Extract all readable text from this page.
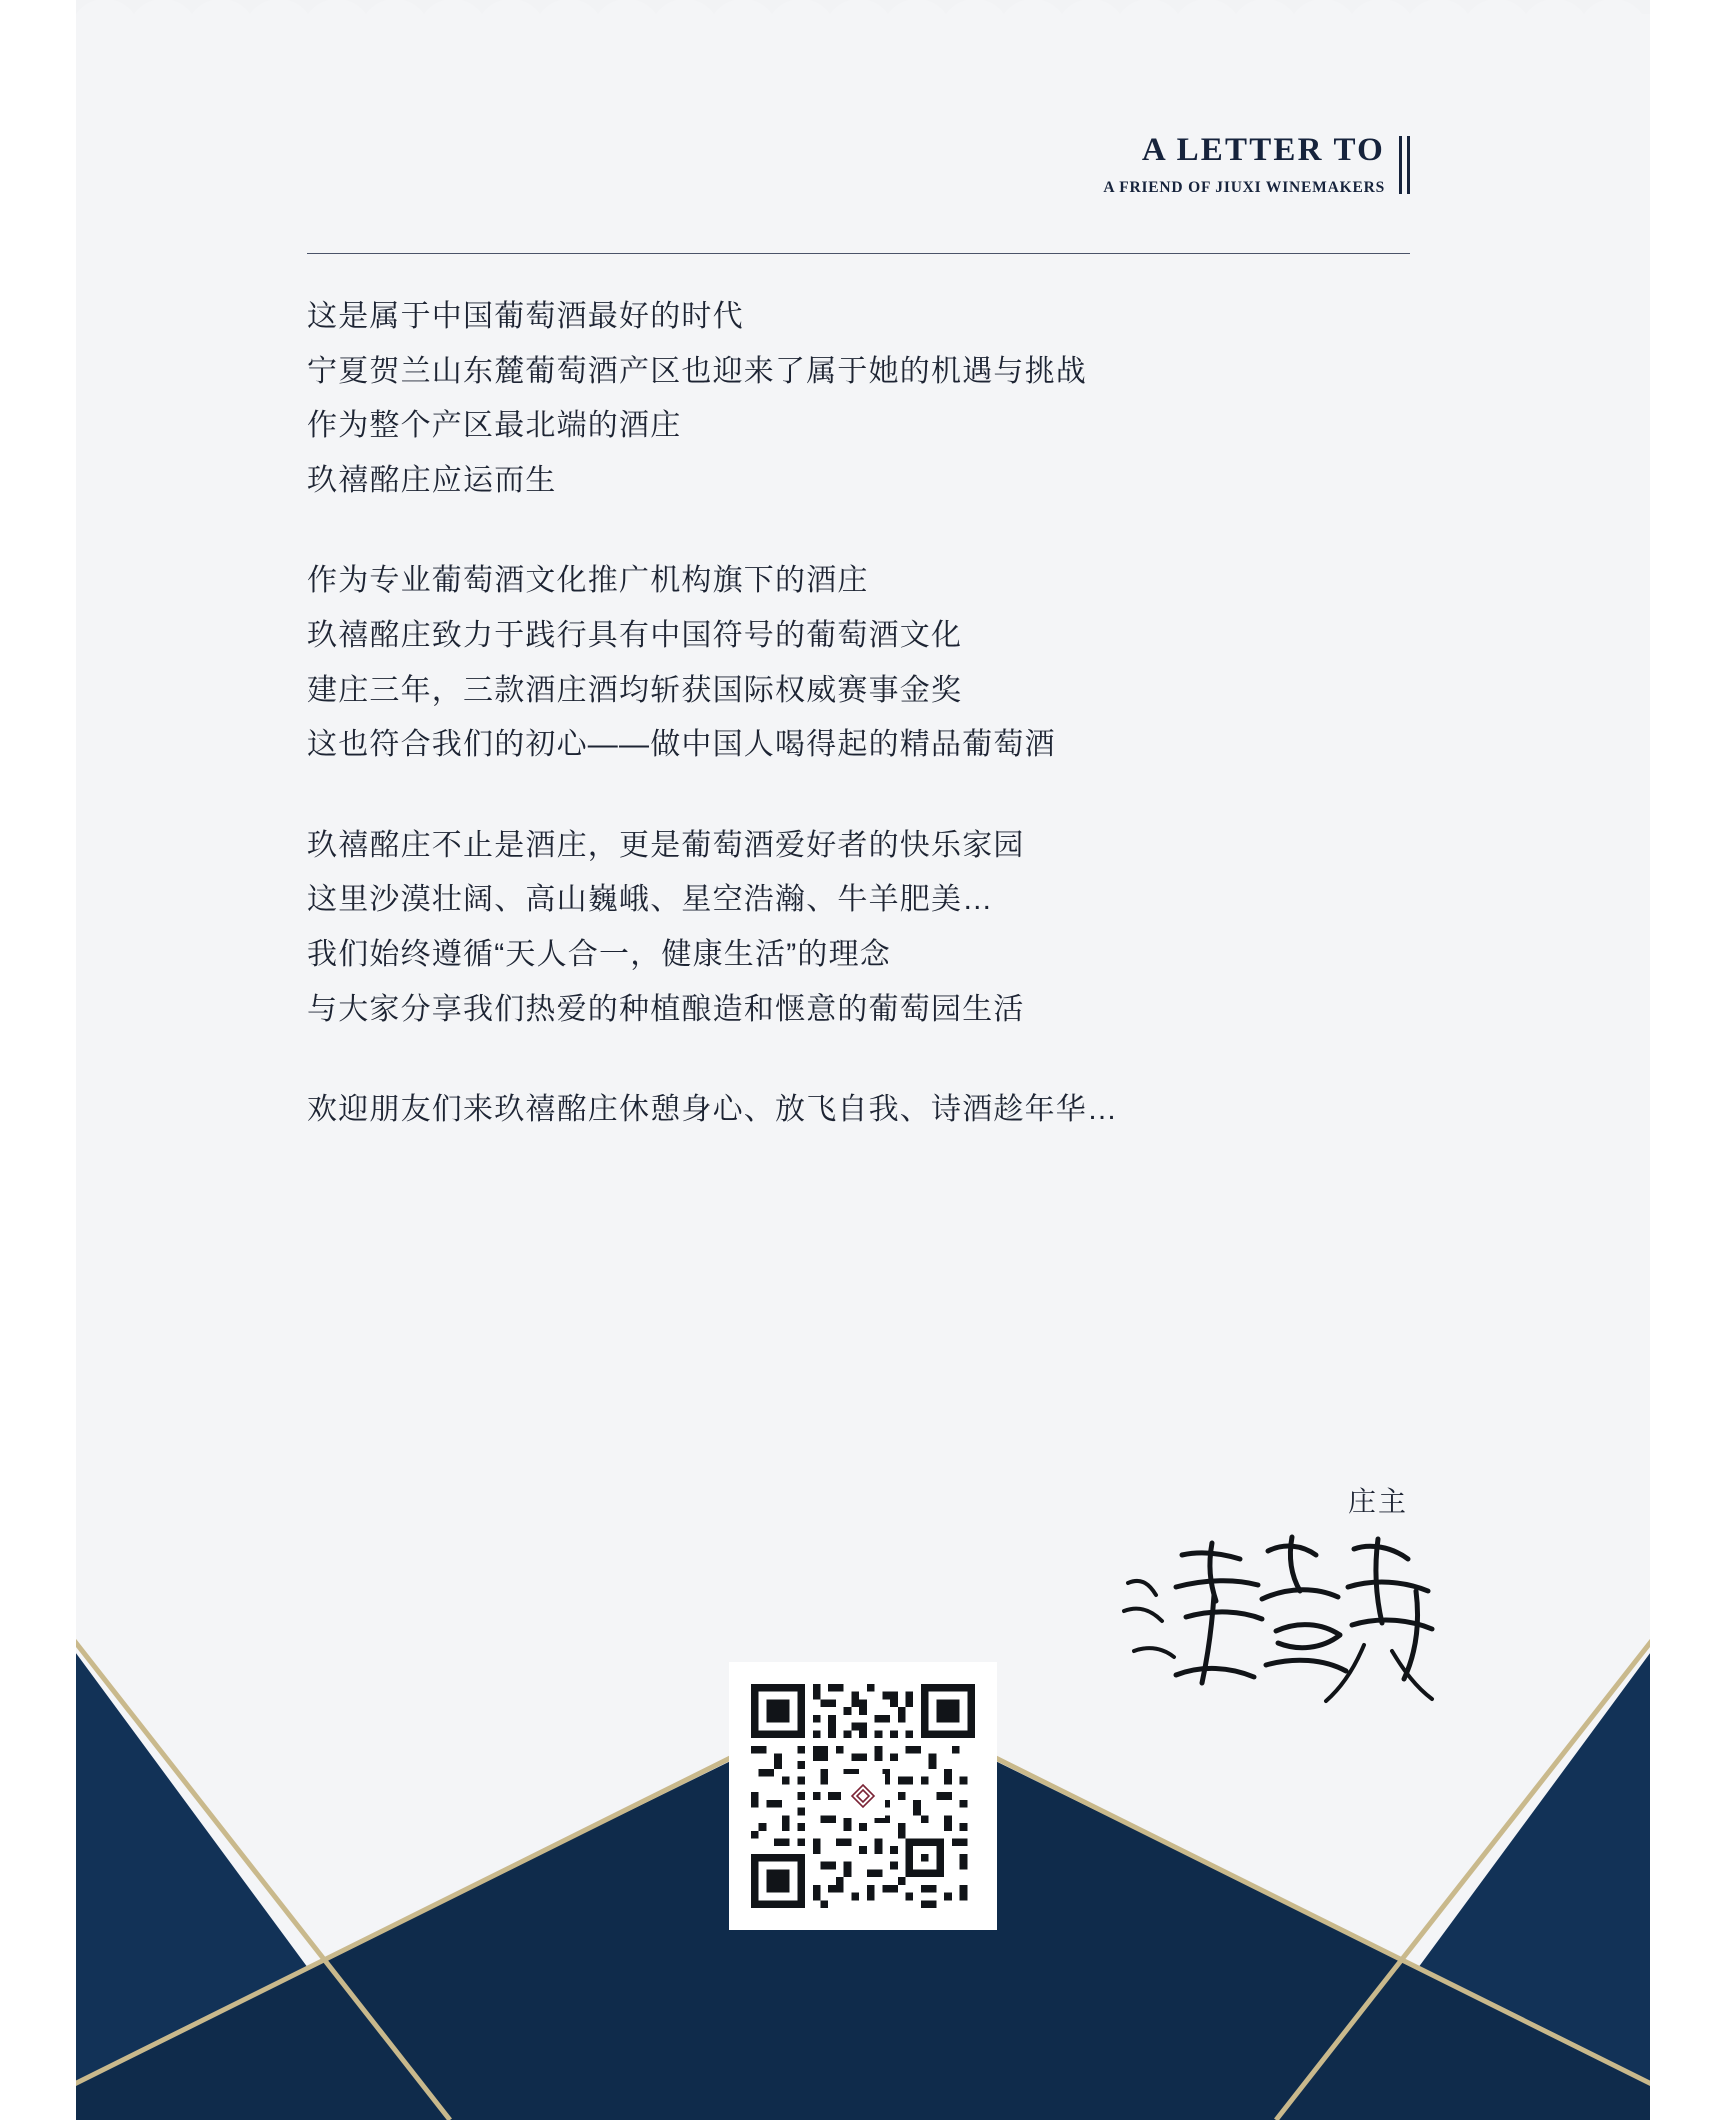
A LETTER TO
A FRIEND OF JIUXI WINEMAKERS
这是属于中国葡萄酒最好的时代
宁夏贺兰山东麓葡萄酒产区也迎来了属于她的机遇与挑战
作为整个产区最北端的酒庄
玖禧酩庄应运而生
作为专业葡萄酒文化推广机构旗下的酒庄
玖禧酩庄致力于践行具有中国符号的葡萄酒文化
建庄三年，三款酒庄酒均斩获国际权威赛事金奖
这也符合我们的初心——做中国人喝得起的精品葡萄酒
玖禧酩庄不止是酒庄，更是葡萄酒爱好者的快乐家园
这里沙漠壮阔、高山巍峨、星空浩瀚、牛羊肥美…
我们始终遵循“天人合一，健康生活”的理念
与大家分享我们热爱的种植酿造和惬意的葡萄园生活
欢迎朋友们来玖禧酩庄休憩身心、放飞自我、诗酒趁年华…
庄主
